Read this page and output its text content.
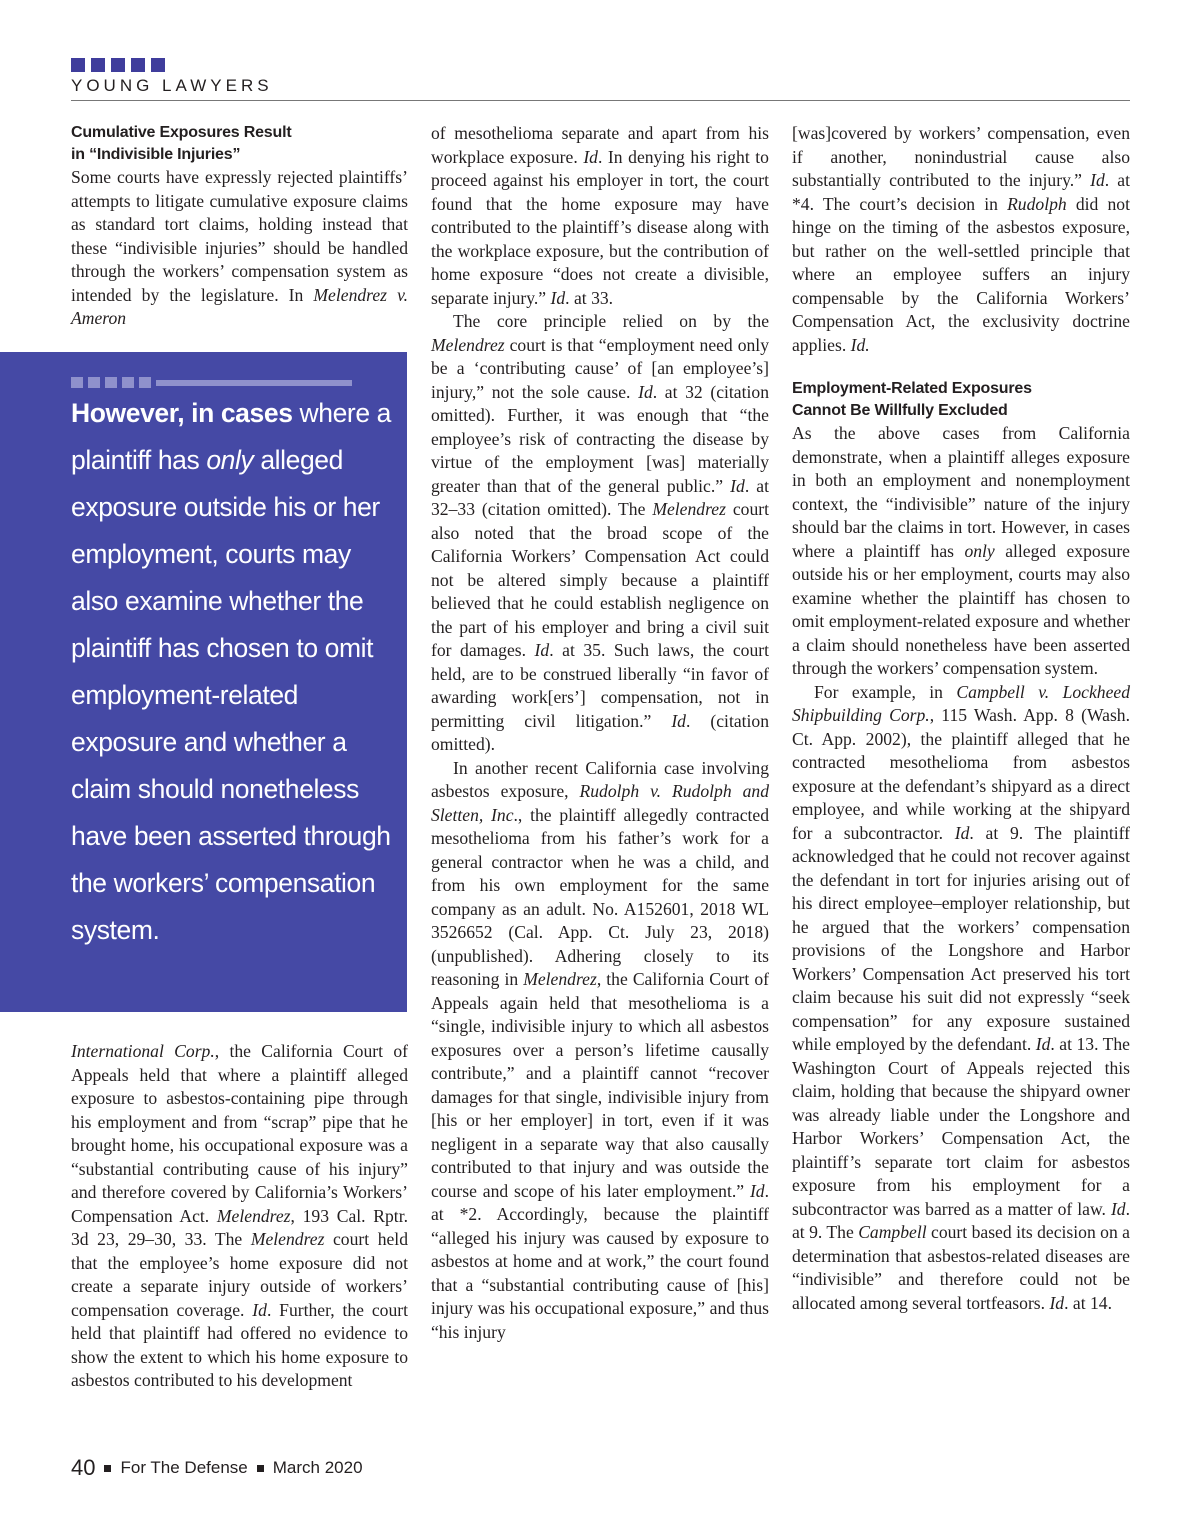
YOUNG LAWYERS
Cumulative Exposures Result
in “Indivisible Injuries”

Some courts have expressly rejected plaintiffs’ attempts to litigate cumulative exposure claims as standard tort claims, holding instead that these “indivisible injuries” should be handled through the workers’ compensation system as intended by the legislature. In Melendrez v. Ameron

However, in cases where a plaintiff has only alleged exposure outside his or her employment, courts may also examine whether the plaintiff has chosen to omit employment-related exposure and whether a claim should nonetheless have been asserted through the workers’ compensation system.

International Corp., the California Court of Appeals held that where a plaintiff alleged exposure to asbestos-containing pipe through his employment and from “scrap” pipe that he brought home, his occupational exposure was a “substantial contributing cause of his injury” and therefore covered by California’s Workers’ Compensation Act. Melendrez, 193 Cal. Rptr. 3d 23, 29–30, 33. The Melendrez court held that the employee’s home exposure did not create a separate injury outside of workers’ compensation coverage. Id. Further, the court held that plaintiff had offered no evidence to show the extent to which his home exposure to asbestos contributed to his development

of mesothelioma separate and apart from his workplace exposure. Id. In denying his right to proceed against his employer in tort, the court found that the home exposure may have contributed to the plaintiff’s disease along with the workplace exposure, but the contribution of home exposure “does not create a divisible, separate injury.” Id. at 33.

The core principle relied on by the Melendrez court is that “employment need only be a ‘contributing cause’ of [an employee’s] injury,” not the sole cause. Id. at 32 (citation omitted). Further, it was enough that “the employee’s risk of contracting the disease by virtue of the employment [was] materially greater than that of the general public.” Id. at 32–33 (citation omitted). The Melendrez court also noted that the broad scope of the California Workers’ Compensation Act could not be altered simply because a plaintiff believed that he could establish negligence on the part of his employer and bring a civil suit for damages. Id. at 35. Such laws, the court held, are to be construed liberally “in favor of awarding work[ers’] compensation, not in permitting civil litigation.” Id. (citation omitted).

In another recent California case involving asbestos exposure, Rudolph v. Rudolph and Sletten, Inc., the plaintiff allegedly contracted mesothelioma from his father’s work for a general contractor when he was a child, and from his own employment for the same company as an adult. No. A152601, 2018 WL 3526652 (Cal. App. Ct. July 23, 2018) (unpublished). Adhering closely to its reasoning in Melendrez, the California Court of Appeals again held that mesothelioma is a “single, indivisible injury to which all asbestos exposures over a person’s lifetime causally contribute,” and a plaintiff cannot “recover damages for that single, indivisible injury from [his or her employer] in tort, even if it was negligent in a separate way that also causally contributed to that injury and was outside the course and scope of his later employment.” Id. at *2. Accordingly, because the plaintiff “alleged his injury was caused by exposure to asbestos at home and at work,” the court found that a “substantial contributing cause of [his] injury was his occupational exposure,” and thus “his injury

[was]covered by workers’ compensation, even if another, nonindustrial cause also substantially contributed to the injury.” Id. at *4. The court’s decision in Rudolph did not hinge on the timing of the asbestos exposure, but rather on the well-settled principle that where an employee suffers an injury compensable by the California Workers’ Compensation Act, the exclusivity doctrine applies. Id.

Employment-Related Exposures
Cannot Be Willfully Excluded

As the above cases from California demonstrate, when a plaintiff alleges exposure in both an employment and nonemployment context, the “indivisible” nature of the injury should bar the claims in tort. However, in cases where a plaintiff has only alleged exposure outside his or her employment, courts may also examine whether the plaintiff has chosen to omit employment-related exposure and whether a claim should nonetheless have been asserted through the workers’ compensation system.

For example, in Campbell v. Lockheed Shipbuilding Corp., 115 Wash. App. 8 (Wash. Ct. App. 2002), the plaintiff alleged that he contracted mesothelioma from asbestos exposure at the defendant’s shipyard as a direct employee, and while working at the shipyard for a subcontractor. Id. at 9. The plaintiff acknowledged that he could not recover against the defendant in tort for injuries arising out of his direct employee–employer relationship, but he argued that the workers’ compensation provisions of the Longshore and Harbor Workers’ Compensation Act preserved his tort claim because his suit did not expressly “seek compensation” for any exposure sustained while employed by the defendant. Id. at 13. The Washington Court of Appeals rejected this claim, holding that because the shipyard owner was already liable under the Longshore and Harbor Workers’ Compensation Act, the plaintiff’s separate tort claim for asbestos exposure from his employment for a subcontractor was barred as a matter of law. Id. at 9. The Campbell court based its decision on a determination that asbestos-related diseases are “indivisible” and therefore could not be allocated among several tortfeasors. Id. at 14.

40 For The Defense March 2020
